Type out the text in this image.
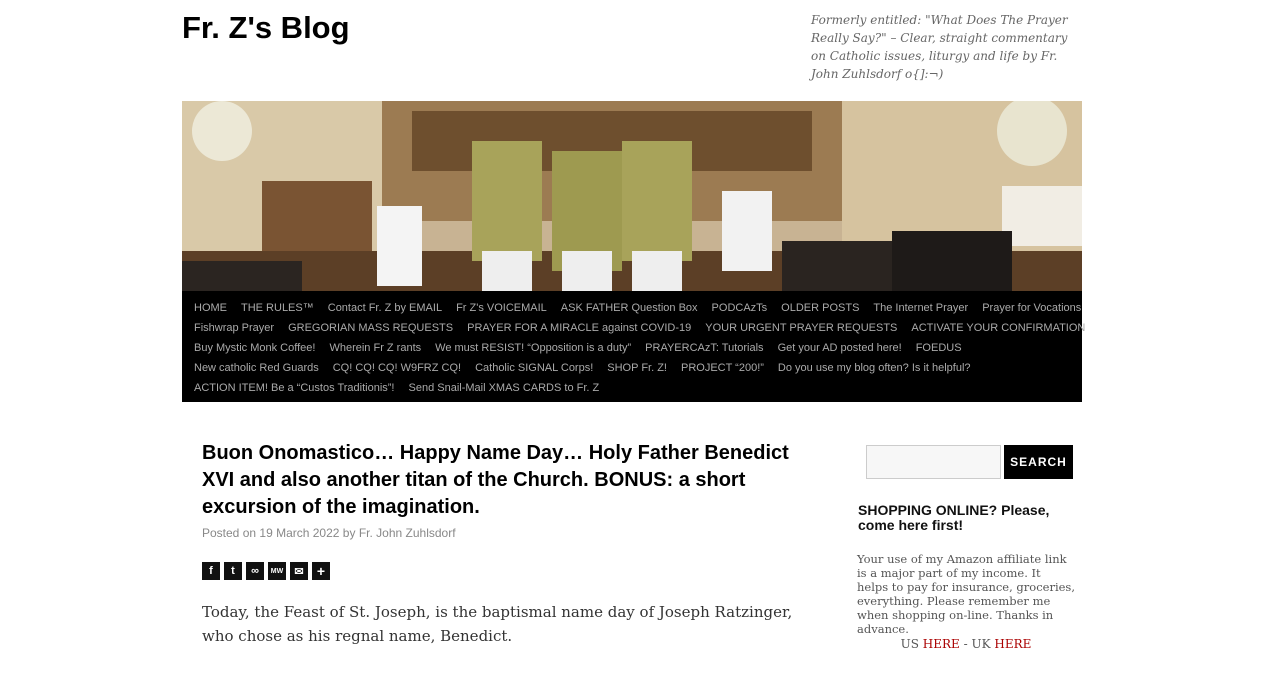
Fr. Z's Blog	Formerly entitled: "What Does The Prayer Really Say?" – Clear, straight commentary on Catholic issues, liturgy and life by Fr. John Zuhlsdorf o{]:¬)
HOME	THE RULES™	Contact Fr. Z by EMAIL	Fr Z's VOICEMAIL	ASK FATHER Question Box	PODCAzTs	OLDER POSTS	The Internet Prayer	Prayer for Vocations
Fishwrap Prayer	GREGORIAN MASS REQUESTS	PRAYER FOR A MIRACLE against COVID-19	YOUR URGENT PRAYER REQUESTS	ACTIVATE YOUR CONFIRMATION
Buy Mystic Monk Coffee!	Wherein Fr Z rants	We must RESIST! “Opposition is a duty”	PRAYERCAzT: Tutorials	Get your AD posted here!	FOEDUS
New catholic Red Guards	CQ! CQ! CQ! W9FRZ CQ!	Catholic SIGNAL Corps!	SHOP Fr. Z!	PROJECT “200!”	Do you use my blog often? Is it helpful?
ACTION ITEM! Be a “Custos Traditionis”!	Send Snail-Mail XMAS CARDS to Fr. Z
Buon Onomastico… Happy Name Day… Holy Father Benedict XVI and also another titan of the Church. BONUS: a short excursion of the imagination.
Posted on 19 March 2022 by Fr. John Zuhlsdorf
f	t	∞	MW	✉ +

Today, the Feast of St. Joseph, is the baptismal name day of Joseph Ratzinger, who chose as his regnal name, Benedict.

SEARCH
SHOPPING ONLINE? Please, come here first!
Your use of my Amazon affiliate link is a major part of my income. It helps to pay for insurance, groceries, everything. Please remember me when shopping on-line. Thanks in advance.
US HERE - UK HERE
